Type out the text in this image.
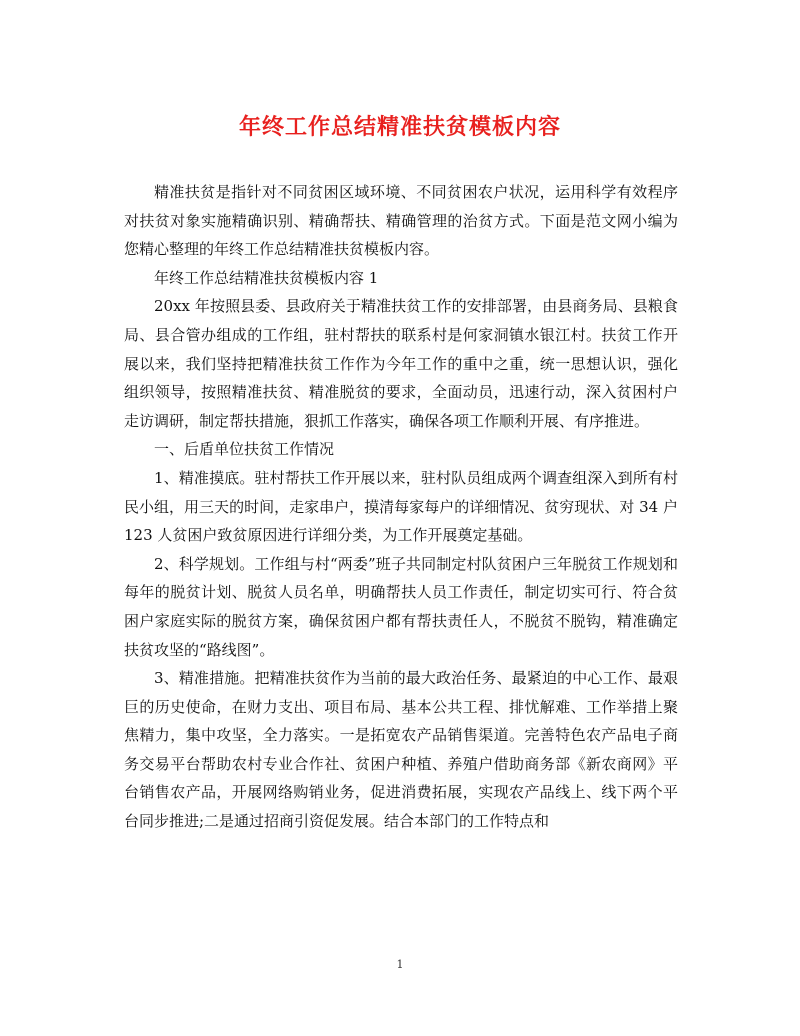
年终工作总结精准扶贫模板内容

精准扶贫是指针对不同贫困区域环境、不同贫困农户状况，运用科学有效程序对扶贫对象实施精确识别、精确帮扶、精确管理的治贫方式。下面是范文网小编为您精心整理的年终工作总结精准扶贫模板内容。

年终工作总结精准扶贫模板内容 1

20xx 年按照县委、县政府关于精准扶贫工作的安排部署，由县商务局、县粮食局、县合管办组成的工作组，驻村帮扶的联系村是何家洞镇水银江村。扶贫工作开展以来，我们坚持把精准扶贫工作作为今年工作的重中之重，统一思想认识，强化组织领导，按照精准扶贫、精准脱贫的要求，全面动员，迅速行动，深入贫困村户走访调研，制定帮扶措施，狠抓工作落实，确保各项工作顺利开展、有序推进。

一、后盾单位扶贫工作情况

1、精准摸底。驻村帮扶工作开展以来，驻村队员组成两个调查组深入到所有村民小组，用三天的时间，走家串户，摸清每家每户的详细情况、贫穷现状、对 34 户 123 人贫困户致贫原因进行详细分类，为工作开展奠定基础。

2、科学规划。工作组与村“两委”班子共同制定村队贫困户三年脱贫工作规划和每年的脱贫计划、脱贫人员名单，明确帮扶人员工作责任，制定切实可行、符合贫困户家庭实际的脱贫方案，确保贫困户都有帮扶责任人，不脱贫不脱钩，精准确定扶贫攻坚的“路线图”。

3、精准措施。把精准扶贫作为当前的最大政治任务、最紧迫的中心工作、最艰巨的历史使命，在财力支出、项目布局、基本公共工程、排忧解难、工作举措上聚焦精力，集中攻坚，全力落实。一是拓宽农产品销售渠道。完善特色农产品电子商务交易平台帮助农村专业合作社、贫困户种植、养殖户借助商务部《新农商网》平台销售农产品，开展网络购销业务，促进消费拓展，实现农产品线上、线下两个平台同步推进;二是通过招商引资促发展。结合本部门的工作特点和

1
